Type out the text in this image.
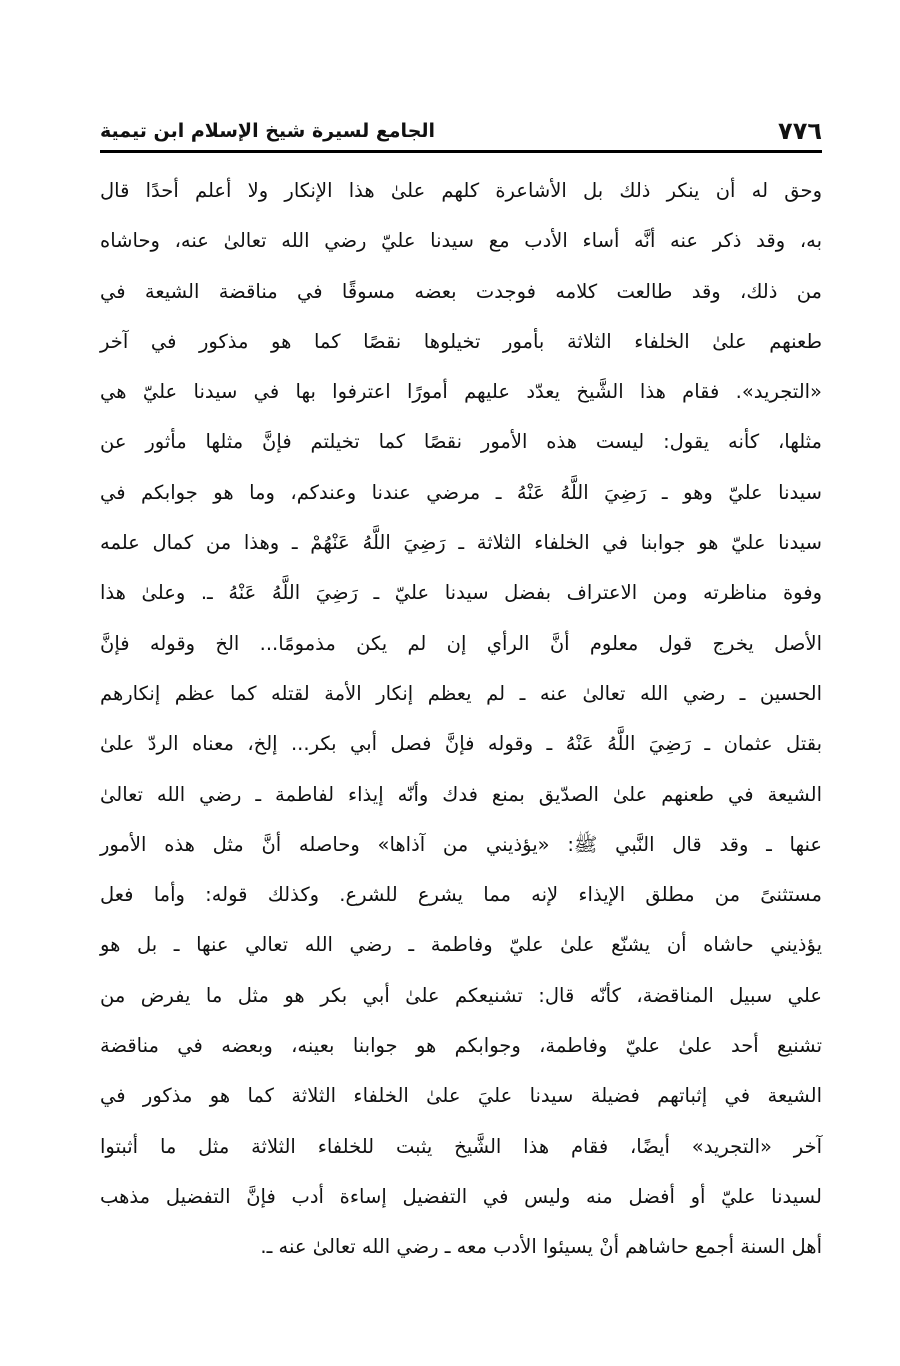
٧٧٦
الجامع لسيرة شيخ الإسلام ابن تيمية
وحق له أن ينكر ذلك بل الأشاعرة كلهم علىٰ هذا الإنكار ولا أعلم أحدًا قال
به، وقد ذكر عنه أنَّه أساء الأدب مع سيدنا عليّ رضي الله تعالىٰ عنه، وحاشاه
من ذلك، وقد طالعت كلامه فوجدت بعضه مسوقًا في مناقضة الشيعة في
طعنهم علىٰ الخلفاء الثلاثة بأمور تخيلوها نقصًا كما هو مذكور في آخر
«التجريد». فقام هذا الشَّيخ يعدّد عليهم أمورًا اعترفوا بها في سيدنا عليّ هي
مثلها، كأنه يقول: ليست هذه الأمور نقصًا كما تخيلتم فإنَّ مثلها مأثور عن
سيدنا عليّ وهو ـ رَضِيَ اللَّهُ عَنْهُ ـ مرضي عندنا وعندكم، وما هو جوابكم في
سيدنا عليّ هو جوابنا في الخلفاء الثلاثة ـ رَضِيَ اللَّهُ عَنْهُمْ ـ وهذا من كمال علمه
وفوة مناظرته ومن الاعتراف بفضل سيدنا عليّ ـ رَضِيَ اللَّهُ عَنْهُ ـ. وعلىٰ هذا
الأصل يخرج قول معلوم أنَّ الرأي إن لم يكن مذمومًا... الخ وقوله فإنَّ
الحسين ـ رضي الله تعالىٰ عنه ـ لم يعظم إنكار الأمة لقتله كما عظم إنكارهم
بقتل عثمان ـ رَضِيَ اللَّهُ عَنْهُ ـ وقوله فإنَّ فصل أبي بكر... إلخ، معناه الردّ علىٰ
الشيعة في طعنهم علىٰ الصدّيق بمنع فدك وأنّه إيذاء لفاطمة ـ رضي الله تعالىٰ
عنها ـ وقد قال النَّبي ﷺ: «يؤذيني من آذاها» وحاصله أنَّ مثل هذه الأمور
مستثنىً من مطلق الإيذاء لإنه مما يشرع للشرع. وكذلك قوله: وأما فعل
يؤذيني حاشاه أن يشنّع علىٰ عليّ وفاطمة ـ رضي الله تعالي عنها ـ بل هو
علي سبيل المناقضة، كأنّه قال: تشنيعكم علىٰ أبي بكر هو مثل ما يفرض من
تشنيع أحد علىٰ عليّ وفاطمة، وجوابكم هو جوابنا بعينه، وبعضه في مناقضة
الشيعة في إثباتهم فضيلة سيدنا عليَ علىٰ الخلفاء الثلاثة كما هو مذكور في
آخر «التجريد» أيضًا، فقام هذا الشَّيخ يثبت للخلفاء الثلاثة مثل ما أثبتوا
لسيدنا عليّ أو أفضل منه وليس في التفضيل إساءة أدب فإنَّ التفضيل مذهب
أهل السنة أجمع حاشاهم أنْ يسيئوا الأدب معه ـ رضي الله تعالىٰ عنه ـ.
